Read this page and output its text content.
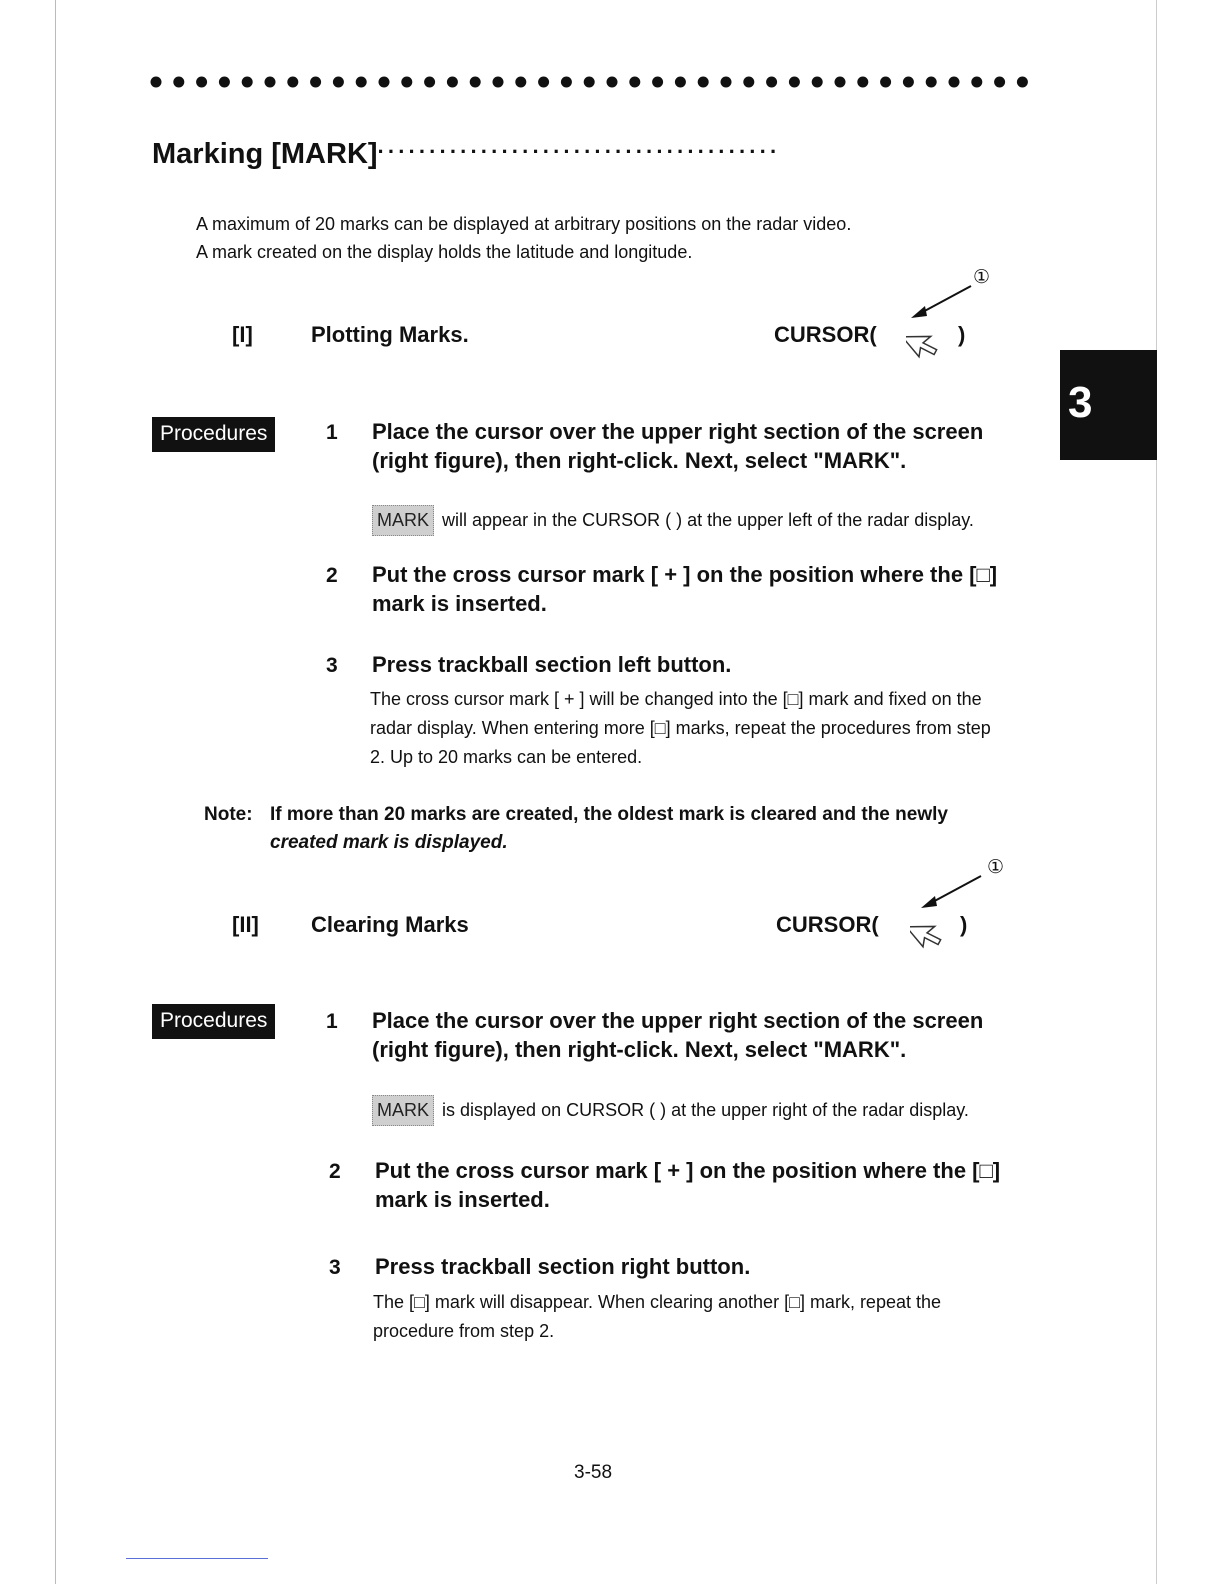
Marking [MARK]·······································
A maximum of 20 marks can be displayed at arbitrary positions on the radar video.
A mark created on the display holds the latitude and longitude.
①
[I]	Plotting Marks.	CURSOR(	)
Procedures	1	Place the cursor over the upper right section of the screen
(right figure), then right-click. Next, select "MARK".
MARK will appear in the CURSOR ( ) at the upper left of the radar display.
2	Put the cross cursor mark [ + ] on the position where the [□]
mark is inserted.
3	Press trackball section left button.
The cross cursor mark [ + ] will be changed into the [□] mark and fixed on the
radar display. When entering more [□] marks, repeat the procedures from step
2. Up to 20 marks can be entered.
Note: If more than 20 marks are created, the oldest mark is cleared and the newly
created mark is displayed.
①
[II] Clearing Marks	CURSOR(	)
Procedures	1	Place the cursor over the upper right section of the screen
(right figure), then right-click. Next, select "MARK".
MARK is displayed on CURSOR ( ) at the upper right of the radar display.
2	Put the cross cursor mark [ + ] on the position where the [□]
mark is inserted.
3	Press trackball section right button.
The [□] mark will disappear. When clearing another [□] mark, repeat the
procedure from step 2.
3
3-58
